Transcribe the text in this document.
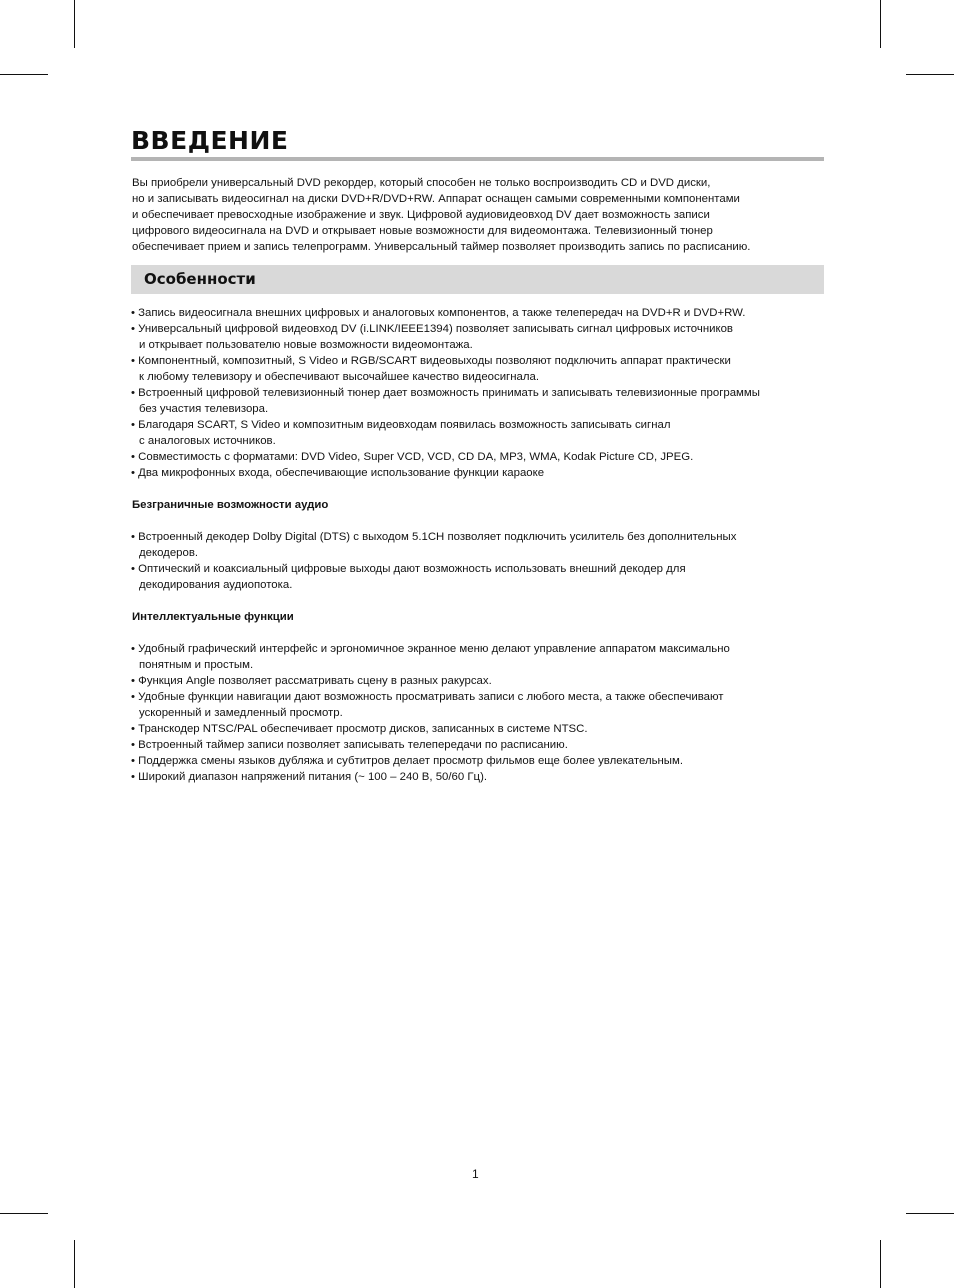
ВВЕДЕНИЕ

Вы приобрели универсальный DVD рекордер, который способен не только воспроизводить CD и DVD диски,

но и записывать видеосигнал на диски DVD+R/DVD+RW. Аппарат оснащен самыми современными компонентами

и обеспечивает превосходные изображение и звук. Цифровой аудиовидеовход DV дает возможность записи

цифрового видеосигнала на DVD и открывает новые возможности для видеомонтажа. Телевизионный тюнер

обеспечивает прием и запись телепрограмм. Универсальный таймер позволяет производить запись по расписанию.

Особенности
• Запись видеосигнала внешних цифровых и аналоговых компонентов, а также телепередач на DVD+R и DVD+RW.
• Универсальный цифровой видеовход DV (i.LINK/IEEE1394) позволяет записывать сигнал цифровых источников
и открывает пользователю новые возможности видеомонтажа.
• Компонентный, композитный, S Video и RGB/SCART видеовыходы позволяют подключить аппарат практически
к любому телевизору и обеспечивают высочайшее качество видеосигнала.
• Встроенный цифровой телевизионный тюнер дает возможность принимать и записывать телевизионные программы
без участия телевизора.
• Благодаря SCART, S Video и композитным видеовходам появилась возможность записывать сигнал
с аналоговых источников.
• Совместимость с форматами: DVD Video, Super VCD, VCD, CD DA, MP3, WMA, Kodak Picture CD, JPEG.
• Два микрофонных входа, обеспечивающие использование функции караоке

Безграничные возможности аудио

• Встроенный декодер Dolby Digital (DTS) с выходом 5.1CH позволяет подключить усилитель без дополнительных
декодеров.
• Оптический и коаксиальный цифровые выходы дают возможность использовать внешний декодер для
декодирования аудиопотока.

Интеллектуальные функции

• Удобный графический интерфейс и эргономичное экранное меню делают управление аппаратом максимально
понятным и простым.
• Функция Angle позволяет рассматривать сцену в разных ракурсах.
• Удобные функции навигации дают возможность просматривать записи с любого места, а также обеспечивают
ускоренный и замедленный просмотр.
• Транскодер NTSC/PAL обеспечивает просмотр дисков, записанных в системе NTSC.
• Встроенный таймер записи позволяет записывать телепередачи по расписанию.
• Поддержка смены языков дубляжа и субтитров делает просмотр фильмов еще более увлекательным.
• Широкий диапазон напряжений питания (~ 100 – 240 В, 50/60 Гц).
1
